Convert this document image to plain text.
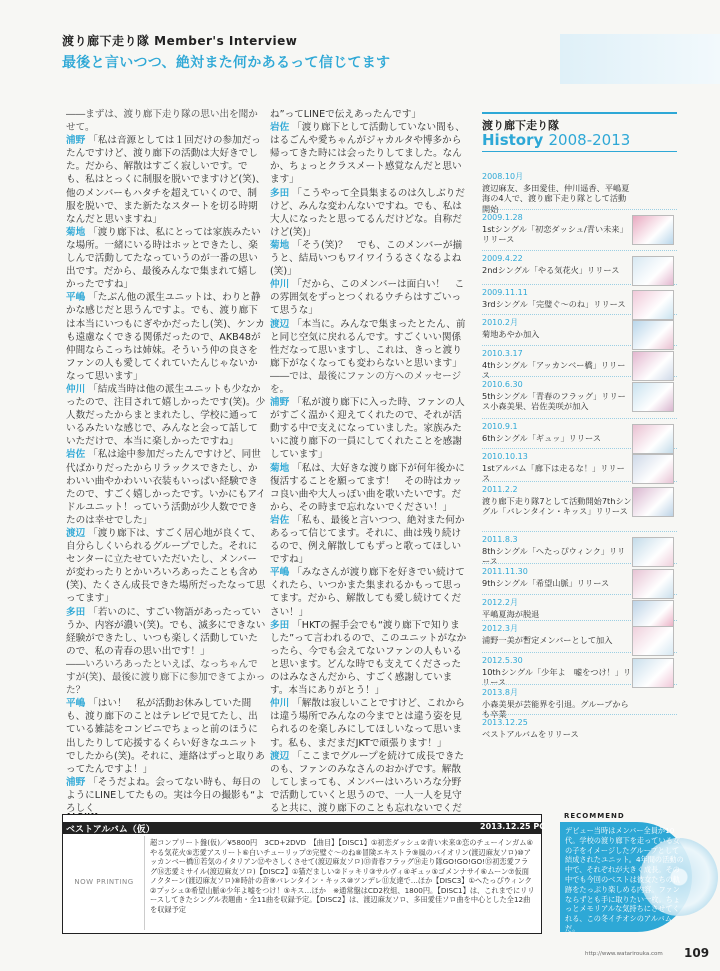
渡り廊下走り隊 Member's Interview
最後と言いつつ、絶対また何かあるって信じてます

――まずは、渡り廊下走り隊の思い出を聞かせて。

浦野 「私は音源としては１回だけの参加だったんですけど、渡り廊下の活動は大好きでした。だから、解散はすごく寂しいです。でも、私はとっくに制服を脱いでますけど(笑)、他のメンバーもハタチを超えていくので、制服を脱いで、また新たなスタートを切る時期なんだと思いますね」

菊地 「渡り廊下は、私にとっては家族みたいな場所。一緒にいる時はホッとできたし、楽しんで活動してたなっていうのが一番の思い出です。だから、最後みんなで集まれて嬉しかったですね」

平嶋 「たぶん他の派生ユニットは、わりと静かな感じだと思うんですよ。でも、渡り廊下は本当にいつもにぎやかだったし(笑)、ケンカも遠慮なくできる関係だったので、AKB48が仲間ならこっちは姉妹。そういう仲の良さをファンの人も愛してくれていたんじゃないかなって思います」

仲川 「結成当時は他の派生ユニットも少なかったので、注目されて嬉しかったです(笑)。少人数だったからまとまれたし、学校に通っているみたいな感じで、みんなと会って話していただけで、本当に楽しかったですね」

岩佐 「私は途中参加だったんですけど、同世代ばかりだったからリラックスできたし、かわいい曲やかわいい衣装もいっぱい経験できたので、すごく嬉しかったです。いかにもアイドルユニット！っていう活動が少人数でできたのは幸せでした」

渡辺 「渡り廊下は、すごく居心地が良くて、自分らしくいられるグループでした。それにセンターに立たせていただいたし、メンバーが変わったりとかいろいろあったことも含め(笑)、たくさん成長できた場所だったなって思ってます」

多田 「若いのに、すごい物語があったっていうか、内容が濃い(笑)。でも、滅多にできない経験ができたし、いつも楽しく活動していたので、私の青春の思い出です！」

――いろいろあったといえば、なっちゃんですが(笑)、最後に渡り廊下に参加できてよかった？

平嶋 「はい！　私が活動お休みしていた間も、渡り廊下のことはテレビで見てたし、出ている雑誌をコンビニでちょっと前のほうに出したりして応援するくらい好きなユニットでしたから(笑)。それに、連絡はずっと取りあってたんですよ！」

浦野 「そうだよね。会ってない時も、毎日のようにLINEしてたもの。実は今日の撮影も“よろしく

ね”ってLINEで伝えあったんです」

岩佐 「渡り廊下として活動していない間も、はるごんや愛ちゃんがジャカルタや博多から帰ってきた時には会ったりしてました。なんか、ちょっとクラスメート感覚なんだと思います」

多田 「こうやって全員集まるのは久しぶりだけど、みんな変わんないですね。でも、私は大人になったと思ってるんだけどな。自称だけど(笑)」

菊地 「そう(笑)？　でも、このメンバーが揃うと、結局いつもワイワイうるさくなるよね(笑)」

仲川 「だから、このメンバーは面白い！　この雰囲気をずっとつくれるウチらはすごいって思うな」

渡辺 「本当に。みんなで集まったとたん、前と同じ空気に戻れるんです。すごくいい関係性だなって思いますし、これは、きっと渡り廊下がなくなっても変わらないと思います」

――では、最後にファンの方へのメッセージを。

浦野 「私が渡り廊下に入った時、ファンの人がすごく温かく迎えてくれたので、それが活動する中で支えになっていました。家族みたいに渡り廊下の一員にしてくれたことを感謝しています」

菊地 「私は、大好きな渡り廊下が何年後かに復活することを願ってます！　その時はカッコ良い曲や大人っぽい曲を歌いたいです。だから、その時まで忘れないでください！」

岩佐 「私も、最後と言いつつ、絶対また何かあるって信じてます。それに、曲は残り続けるので、例え解散してもずっと歌ってほしいですね」

平嶋 「みなさんが渡り廊下を好きでい続けてくれたら、いつかまた集まれるかもって思ってます。だから、解散しても愛し続けてください！」

多田 「HKTの握手会でも“渡り廊下で知りました”って言われるので、このユニットがなかったら、今でも会えてないファンの人もいると思います。どんな時でも支えてくださったのはみなさんだから、すごく感謝しています。本当にありがとう！」

仲川 「解散は寂しいことですけど、これからは違う場所でみんなの今までとは違う姿を見られるのを楽しみにしてほしいなって思います。私も、まだまだJKTで頑張ります！」

渡辺 「ここまでグループを続けて成長できたのも、ファンのみなさんのおかげです。解散してしまっても、メンバーはいろいろな分野で活動していくと思うので、一人一人を見守ると共に、渡り廊下のことも忘れないでくだ

渡り廊下走り隊
History 2008-2013
2008.10月
渡辺麻友、多田愛佳、仲川遥香、平嶋夏海の4人で、渡り廊下走り隊として活動開始
2009.1.28
1stシングル「初恋ダッシュ/青い未来」リリース
2009.4.22
2ndシングル「やる気花火」リリース
2009.11.11
3rdシングル「完璧ぐ～のね」リリース
2010.2月
菊地あやか加入
2010.3.17
4thシングル「アッカンベー橋」リリース
2010.6.30
5thシングル「青春のフラッグ」リリース小森美果、岩佐美咲が加入
2010.9.1
6thシングル「ギュッ」リリース
2010.10.13
1stアルバム「廊下は走るな！」リリース
2011.2.2
渡り廊下走り隊7として活動開始7thシングル「バレンタイン・キッス」リリース
2011.8.3
8thシングル「へたっぴウィンク」リリース
2011.11.30
9thシングル「希望山脈」リリース
2012.2月
平嶋夏海が脱退
2012.3月
浦野一美が暫定メンバーとして加入
2012.5.30
10thシングル「少年よ　嘘をつけ！」リリース
2013.8月
小森美果が芸能界を引退。グループからも卒業
2013.12.25
ベストアルバムをリリース
ベストアルバム（仮）	2013.12.25 PC
NOW PRINTING
超コンプリート盤(仮)／¥5800円　3CD+2DVD　【曲目】【DISC1】①初恋ダッシュ②青い未来③恋のチューインガム④やる気花火⑤恋愛アスリート⑥白いチューリップ⑦完璧ぐ～のね⑧冒険エキストラ⑨風のバイオリン(渡辺麻友ソロ)⑩アッカンベー橋⑪若気のイタリアン⑫やさしくさせて(渡辺麻友ソロ)⑬青春フラッグ⑭走り隊GO!GO!GO!⑮初恋愛フラグ⑯恋愛ミサイル(渡辺麻友ソロ)【DISC2】①猫だましい②ドッキリ③サルヴィ④ギュッ⑤ゴメンナサイ⑥ムーン⑦仮面ノクターン(渡辺麻友ソロ)⑧時計の音⑨バレンタイン・キッス⑩ツンデレ⑪友達で…ほか【DISC3】①へたっぴウィンク②プッシュ③希望山脈④少年よ嘘をつけ！⑤キス…ほか　※通常盤はCD2枚組、1800円。【DISC1】は、これまでにリリースしてきたシングル表題曲・全11曲を収録予定。【DISC2】は、渡辺麻友ソロ、多田愛佳ソロ曲を中心とした全12曲を収録予定
RECOMMEND
デビュー当時はメンバー全員が10代。学校の渡り廊下を走っている女の子をイメージしたグループとして結成されたユニット。4年間の活動の中で、それぞれが大きく成長。その中でも今回のベストは彼女たちの軌跡をたっぷり楽しめる内容。ファンならずとも手に取りたい一枚。ちょっとメモリアルな気持ちにさせてくれる、この冬イチオシのアルバムだ。
http://www.watarirouka.com 109
